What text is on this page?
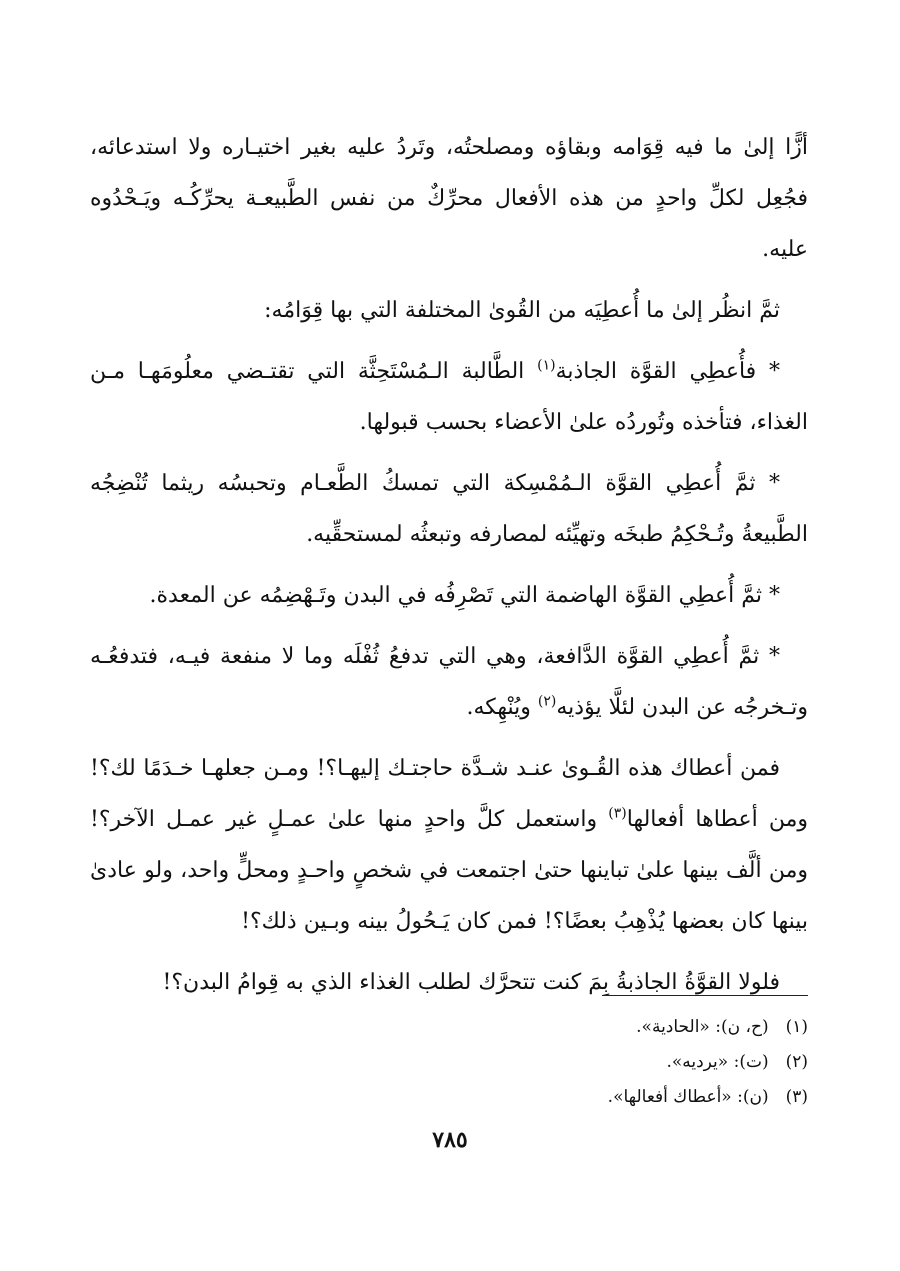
أزًّا إلىٰ ما فيه قِوَامه وبقاؤه ومصلحتُه، وتَردُ عليه بغير اختيـاره ولا استدعائه، فجُعِل لكلِّ واحدٍ من هذه الأفعال محرِّكٌ من نفس الطَّبيعـة يحرِّكُـه ويَـحْدُوه عليه.

ثمَّ انظُر إلىٰ ما أُعطِيَه من القُوىٰ المختلفة التي بها قِوَامُه:

* فأُعطِي القوَّة الجاذبة$^{(١)}$ الطَّالبة الـمُسْتَحِثَّة التي تقتـضي معلُومَهـا مـن الغذاء، فتأخذه وتُوردُه علىٰ الأعضاء بحسب قبولها.

* ثمَّ أُعطِي القوَّة الـمُمْسِكة التي تمسكُ الطَّعـام وتحبسُه ريثما تُنْضِجُه الطَّبيعةُ وتُـحْكِمُ طبخَه وتهيِّئه لمصارفه وتبعثُه لمستحقِّيه.

* ثمَّ أُعطِي القوَّة الهاضمة التي تَصْرِفُه في البدن وتَـهْضِمُه عن المعدة.

* ثمَّ أُعطِي القوَّة الدَّافعة، وهي التي تدفعُ ثُفْلَه وما لا منفعة فيـه، فتدفعُـه وتـخرجُه عن البدن لئلَّا يؤذيه$^{(٢)}$ ويُنْهِكه.

فمن أعطاك هذه القُـوىٰ عنـد شـدَّة حاجتـك إليهـا؟! ومـن جعلهـا خـدَمًا لك؟! ومن أعطاها أفعالها$^{(٣)}$ واستعمل كلَّ واحدٍ منها علىٰ عمـلٍ غير عمـل الآخر؟! ومن ألَّف بينها علىٰ تباينها حتىٰ اجتمعت في شخصٍ واحـدٍ ومحلٍّ واحد، ولو عادىٰ بينها كان بعضها يُذْهِبُ بعضًا؟! فمن كان يَـحُولُ بينه وبـين ذلك؟!

فلولا القوَّةُ الجاذبةُ بِمَ كنت تتحرَّك لطلب الغذاء الذي به قِوامُ البدن؟!

(١) (ح، ن): «الحادية».
(٢) (ت): «يرديه».
(٣) (ن): «أعطاك أفعالها».
٧٨٥
